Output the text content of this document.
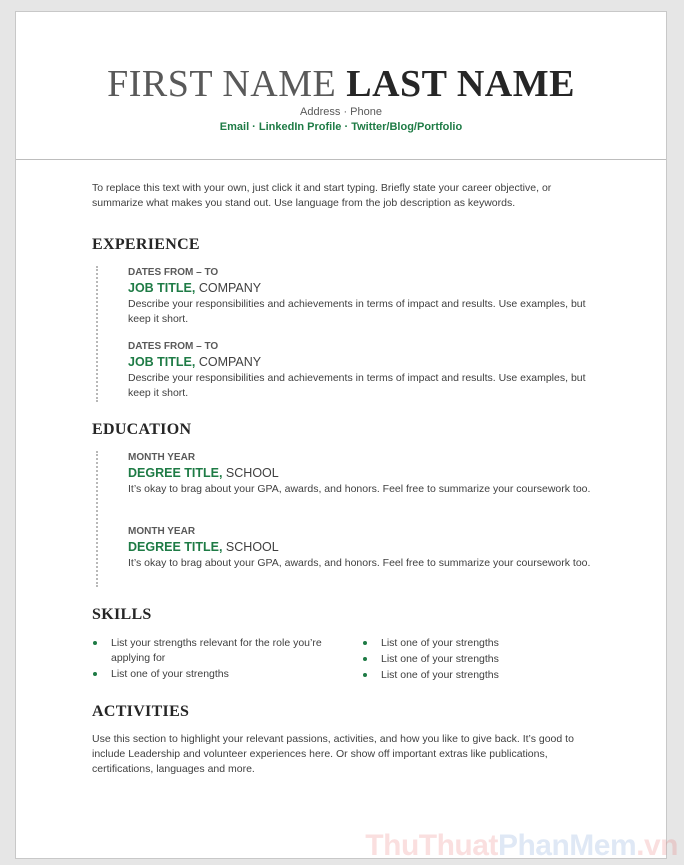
FIRST NAME LAST NAME
Address · Phone
Email · LinkedIn Profile · Twitter/Blog/Portfolio
To replace this text with your own, just click it and start typing. Briefly state your career objective, or summarize what makes you stand out. Use language from the job description as keywords.
EXPERIENCE
DATES FROM – TO
JOB TITLE, COMPANY
Describe your responsibilities and achievements in terms of impact and results. Use examples, but keep it short.
DATES FROM – TO
JOB TITLE, COMPANY
Describe your responsibilities and achievements in terms of impact and results. Use examples, but keep it short.
EDUCATION
MONTH YEAR
DEGREE TITLE, SCHOOL
It’s okay to brag about your GPA, awards, and honors. Feel free to summarize your coursework too.
MONTH YEAR
DEGREE TITLE, SCHOOL
It’s okay to brag about your GPA, awards, and honors. Feel free to summarize your coursework too.
SKILLS
List your strengths relevant for the role you’re applying for
List one of your strengths
List one of your strengths
List one of your strengths
List one of your strengths
ACTIVITIES
Use this section to highlight your relevant passions, activities, and how you like to give back. It’s good to include Leadership and volunteer experiences here. Or show off important extras like publications, certifications, languages and more.
ThuThuatPhanMem.vn
